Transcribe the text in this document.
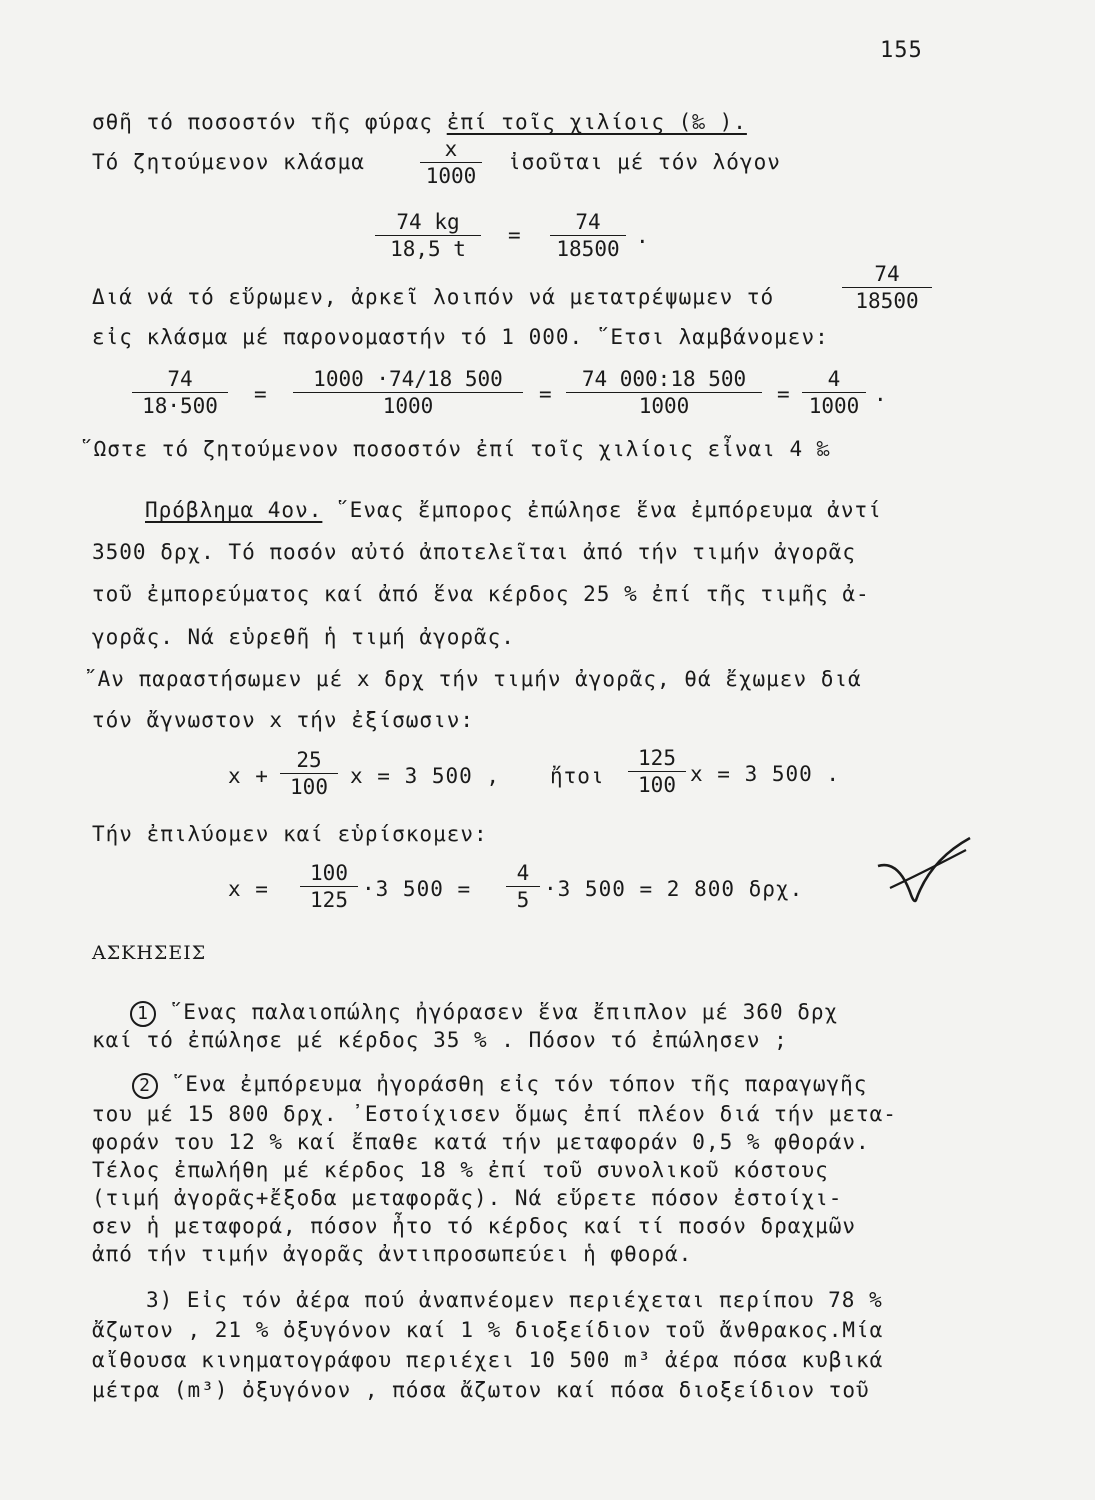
155
σθῆ τό ποσοστόν τῆς φύρας ἐπί τοῖς χιλίοις (‰ ).
Τό ζητούμενον κλάσμα	$\frac{x}{1000}$ ἰσοῦται μέ τόν λόγον
$\frac{74 kg}{18,5 t} = \frac{74}{18500}$ .
Διά νά τό εὕρωμεν, ἀρκεῖ λοιπόν νά μετατρέψωμεν τό	$\frac{74}{18500}$
εἰς κλάσμα μέ παρονομαστήν τό 1 000. ῞Ετσι λαμβάνομεν:
$\frac{74}{18\cdot 500} = \frac{1000 \cdot 74/18 500}{1000} = \frac{74 000:18 500}{1000} = \frac{4}{1000}$ .
῞Ωστε τό ζητούμενον ποσοστόν ἐπί τοῖς χιλίοις εἶναι 4 ‰
Πρόβλημα 4ον. ῞Ενας ἔμπορος ἐπώλησε ἕνα ἐμπόρευμα ἀντί
3500 δρχ. Τό ποσόν αὐτό ἀποτελεῖται ἀπό τήν τιμήν ἀγορᾶς
τοῦ ἐμπορεύματος καί ἀπό ἕνα κέρδος 25 % ἐπί τῆς τιμῆς ἀ-
γορᾶς. Νά εὑρεθῆ ἡ τιμή ἀγορᾶς.
῎Αν παραστήσωμεν μέ x δρχ τήν τιμήν ἀγορᾶς, θά ἔχωμεν διά
τόν ἄγνωστον x τήν ἐξίσωσιν:
$x + \frac{25}{100}$ x = 3 500 , ἤτοι $\frac{125}{100}$ x = 3 500 .
Τήν ἐπιλύομεν καί εὑρίσκομεν:
$x = \frac{100}{125} \cdot 3$ $500 = \frac{4}{5} \cdot 3$ 500 = 2 800 δρχ.
ΑΣΚΗΣΕΙΣ
1 ῞Ενας παλαιοπώλης ἠγόρασεν ἕνα ἔπιπλον μέ 360 δρχ
καί τό ἐπώλησε μέ κέρδος 35 % . Πόσον τό ἐπώλησεν ;
2 ῞Ενα ἐμπόρευμα ἠγοράσθη εἰς τόν τόπον τῆς παραγωγῆς
του μέ 15 800 δρχ. ᾿Εστοίχισεν ὅμως ἐπί πλέον διά τήν μετα-
φοράν του 12 % καί ἔπαθε κατά τήν μεταφοράν 0,5 % φθοράν.
Τέλος ἐπωλήθη μέ κέρδος 18 % ἐπί τοῦ συνολικοῦ κόστους
(τιμή ἀγορᾶς+ἔξοδα μεταφορᾶς). Νά εὕρετε πόσον ἐστοίχι-
σεν ἡ μεταφορά, πόσον ἦτο τό κέρδος καί τί ποσόν δραχμῶν
ἀπό τήν τιμήν ἀγορᾶς ἀντιπροσωπεύει ἡ φθορά.
3) Εἰς τόν ἀέρα πού ἀναπνέομεν περιέχεται περίπου 78 %
ἄζωτον , 21 % ὀξυγόνον καί 1 % διοξείδιον τοῦ ἄνθρακος.Μία
αἴθουσα κινηματογράφου περιέχει 10 500 m³ ἀέρα πόσα κυβικά
μέτρα (m³) ὀξυγόνον , πόσα ἄζωτον καί πόσα διοξείδιον τοῦ
